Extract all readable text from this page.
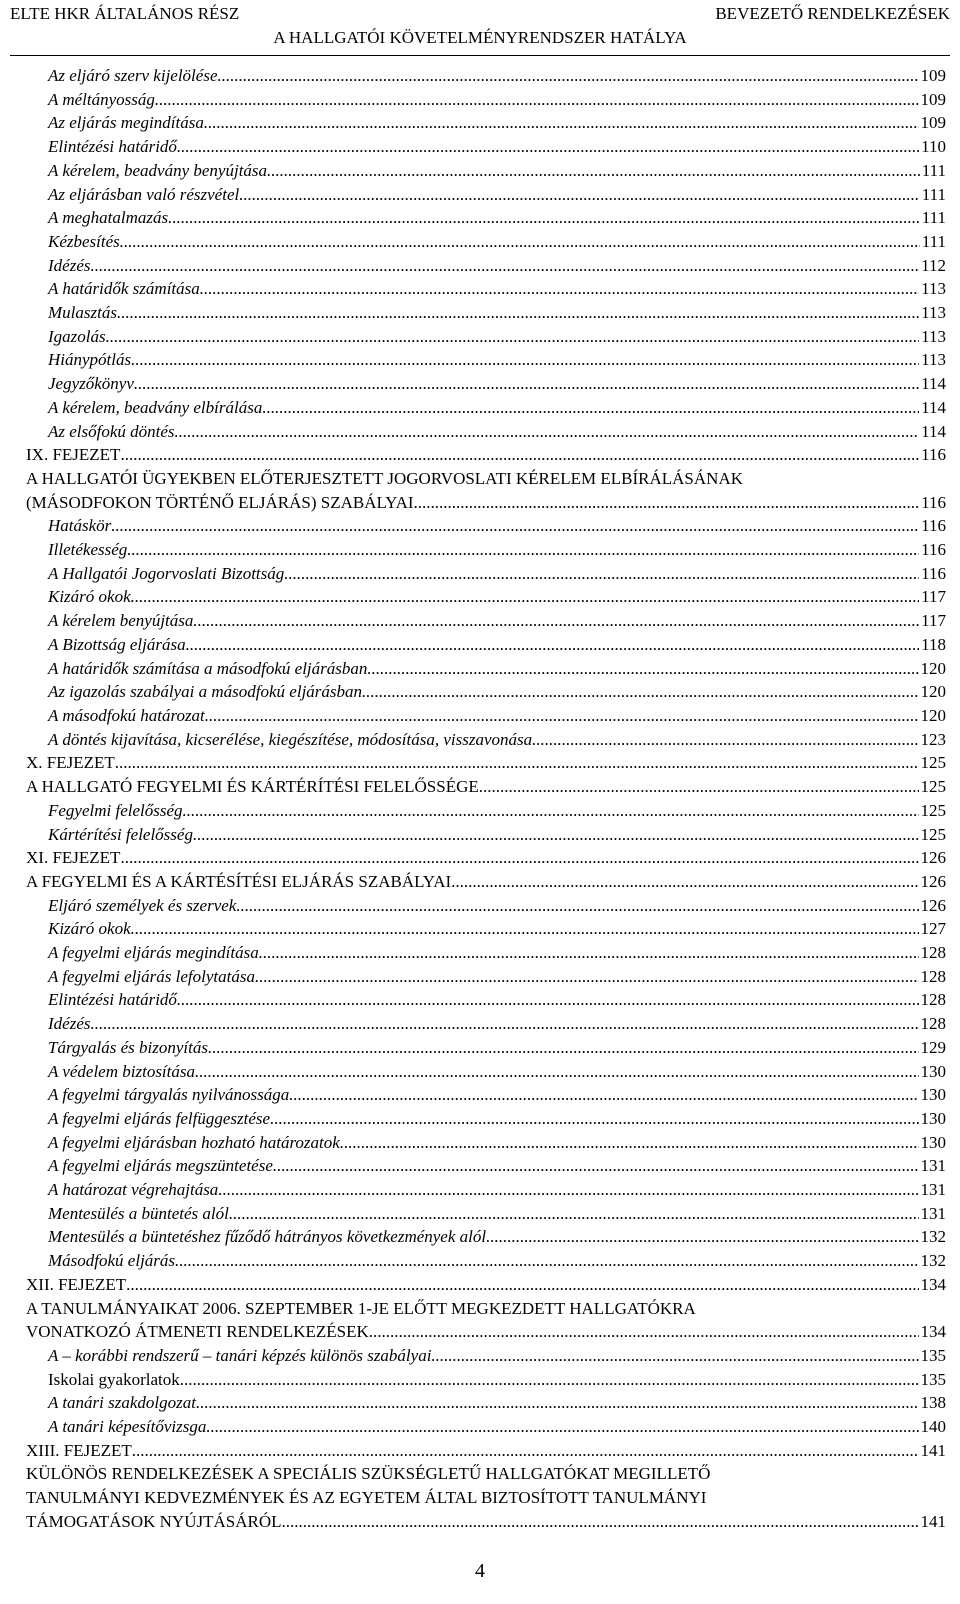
ELTE HKR ÁLTALÁNOS RÉSZ	BEVEZETŐ RENDELKEZÉSEK
A HALLGATÓI KÖVETELMÉNYRENDSZER HATÁLYA
Az eljáró szerv kijelölése .....	109
A méltányosság .....	109
Az eljárás megindítása .....	109
Elintézési határidő .....	110
A kérelem, beadvány benyújtása .....	111
Az eljárásban való részvétel .....	111
A meghatalmazás .....	111
Kézbesítés .....	111
Idézés .....	112
A határidők számítása .....	113
Mulasztás .....	113
Igazolás .....	113
Hiánypótlás .....	113
Jegyzőkönyv .....	114
A kérelem, beadvány elbírálása .....	114
Az elsőfokú döntés .....	114
IX. FEJEZET .....	116
A HALLGATÓI ÜGYEKBEN ELŐTERJESZTETT JOGORVOSLATI KÉRELEM ELBÍRÁLÁSÁNAK
(MÁSODFOKON TÖRTÉNŐ ELJÁRÁS) SZABÁLYAI .....	116
Hatáskör .....	116
Illetékesség .....	116
A Hallgatói Jogorvoslati Bizottság .....	116
Kizáró okok .....	117
A kérelem benyújtása .....	117
A Bizottság eljárása .....	118
A határidők számítása a másodfokú eljárásban .....	120
Az igazolás szabályai a másodfokú eljárásban .....	120
A másodfokú határozat .....	120
A döntés kijavítása, kicserélése, kiegészítése, módosítása, visszavonása .....	123
X. FEJEZET .....	125
A HALLGATÓ FEGYELMI ÉS KÁRTÉRÍTÉSI FELELŐSSÉGE .....	125
Fegyelmi felelősség .....	125
Kártérítési felelősség .....	125
XI. FEJEZET .....	126
A FEGYELMI ÉS A KÁRTÉSÍTÉSI ELJÁRÁS SZABÁLYAI .....	126
Eljáró személyek és szervek .....	126
Kizáró okok .....	127
A fegyelmi eljárás megindítása .....	128
A fegyelmi eljárás lefolytatása .....	128
Elintézési határidő .....	128
Idézés .....	128
Tárgyalás és bizonyítás .....	129
A védelem biztosítása .....	130
A fegyelmi tárgyalás nyilvánossága .....	130
A fegyelmi eljárás felfüggesztése .....	130
A fegyelmi eljárásban hozható határozatok .....	130
A fegyelmi eljárás megszüntetése .....	131
A határozat végrehajtása .....	131
Mentesülés a büntetés alól .....	131
Mentesülés a büntetéshez fűződő hátrányos következmények alól .....	132
Másodfokú eljárás .....	132
XII. FEJEZET .....	134
A TANULMÁNYAIKAT 2006. SZEPTEMBER 1-JE ELŐTT MEGKEZDETT HALLGATÓKRA
VONATKOZÓ ÁTMENETI RENDELKEZÉSEK .....	134
A – korábbi rendszerű – tanári képzés különös szabályai .....	135
Iskolai gyakorlatok .....	135
A tanári szakdolgozat .....	138
A tanári képesítővizsga .....	140
XIII. FEJEZET .....	141
KÜLÖNÖS RENDELKEZÉSEK A SPECIÁLIS SZÜKSÉGLETŰ HALLGATÓKAT MEGILLETŐ
TANULMÁNYI KEDVEZMÉNYEK ÉS AZ EGYETEM ÁLTAL BIZTOSÍTOTT TANULMÁNYI
TÁMOGATÁSOK NYÚJTÁSÁRÓL .....	141
4
